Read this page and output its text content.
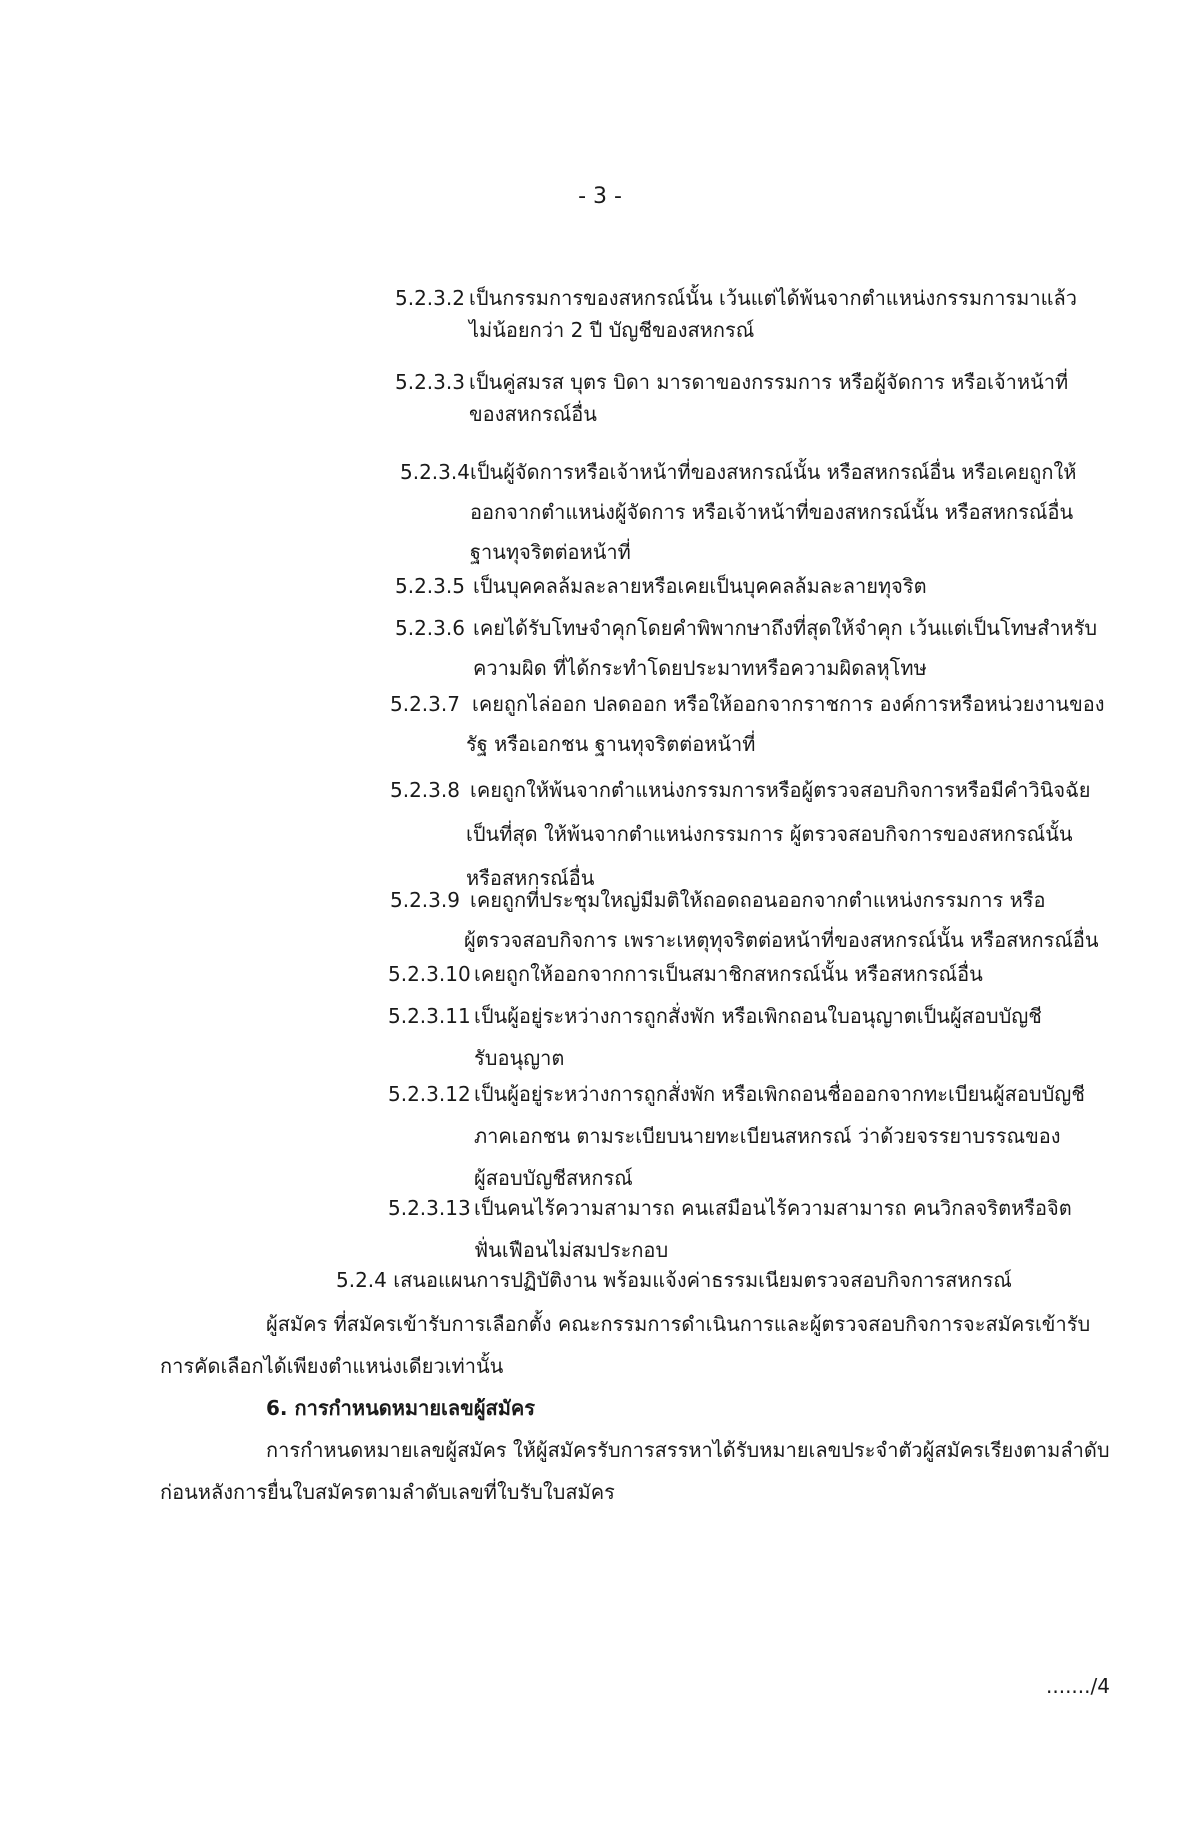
- 3 -
5.2.3.2 เป็นกรรมการของสหกรณ์นั้น เว้นแต่ได้พ้นจากตำแหน่งกรรมการมาแล้ว
ไม่น้อยกว่า 2 ปี บัญชีของสหกรณ์
5.2.3.3 เป็นคู่สมรส บุตร บิดา มารดาของกรรมการ หรือผู้จัดการ หรือเจ้าหน้าที่
ของสหกรณ์อื่น
5.2.3.4เป็นผู้จัดการหรือเจ้าหน้าที่ของสหกรณ์นั้น หรือสหกรณ์อื่น หรือเคยถูกให้
ออกจากตำแหน่งผู้จัดการ หรือเจ้าหน้าที่ของสหกรณ์นั้น หรือสหกรณ์อื่น
ฐานทุจริตต่อหน้าที่
5.2.3.5 เป็นบุคคลล้มละลายหรือเคยเป็นบุคคลล้มละลายทุจริต
5.2.3.6 เคยได้รับโทษจำคุกโดยคำพิพากษาถึงที่สุดให้จำคุก เว้นแต่เป็นโทษสำหรับ
ความผิด ที่ได้กระทำโดยประมาทหรือความผิดลหุโทษ
5.2.3.7 เคยถูกไล่ออก ปลดออก หรือให้ออกจากราชการ องค์การหรือหน่วยงานของ
รัฐ หรือเอกชน ฐานทุจริตต่อหน้าที่
5.2.3.8 เคยถูกให้พ้นจากตำแหน่งกรรมการหรือผู้ตรวจสอบกิจการหรือมีคำวินิจฉัย
เป็นที่สุด ให้พ้นจากตำแหน่งกรรมการ ผู้ตรวจสอบกิจการของสหกรณ์นั้น
หรือสหกรณ์อื่น
5.2.3.9 เคยถูกที่ประชุมใหญ่มีมติให้ถอดถอนออกจากตำแหน่งกรรมการ หรือ
ผู้ตรวจสอบกิจการ เพราะเหตุทุจริตต่อหน้าที่ของสหกรณ์นั้น หรือสหกรณ์อื่น
5.2.3.10 เคยถูกให้ออกจากการเป็นสมาชิกสหกรณ์นั้น หรือสหกรณ์อื่น
5.2.3.11 เป็นผู้อยู่ระหว่างการถูกสั่งพัก หรือเพิกถอนใบอนุญาตเป็นผู้สอบบัญชี
รับอนุญาต
5.2.3.12 เป็นผู้อยู่ระหว่างการถูกสั่งพัก หรือเพิกถอนชื่อออกจากทะเบียนผู้สอบบัญชี
ภาคเอกชน ตามระเบียบนายทะเบียนสหกรณ์ ว่าด้วยจรรยาบรรณของ
ผู้สอบบัญชีสหกรณ์
5.2.3.13 เป็นคนไร้ความสามารถ คนเสมือนไร้ความสามารถ คนวิกลจริตหรือจิต
ฟั่นเฟือนไม่สมประกอบ
5.2.4 เสนอแผนการปฏิบัติงาน พร้อมแจ้งค่าธรรมเนียมตรวจสอบกิจการสหกรณ์
ผู้สมัคร ที่สมัครเข้ารับการเลือกตั้ง คณะกรรมการดำเนินการและผู้ตรวจสอบกิจการจะสมัครเข้ารับ
การคัดเลือกได้เพียงตำแหน่งเดียวเท่านั้น
6. การกำหนดหมายเลขผู้สมัคร
การกำหนดหมายเลขผู้สมัคร ให้ผู้สมัครรับการสรรหาได้รับหมายเลขประจำตัวผู้สมัครเรียงตามลำดับ
ก่อนหลังการยื่นใบสมัครตามลำดับเลขที่ใบรับใบสมัคร
......./4
